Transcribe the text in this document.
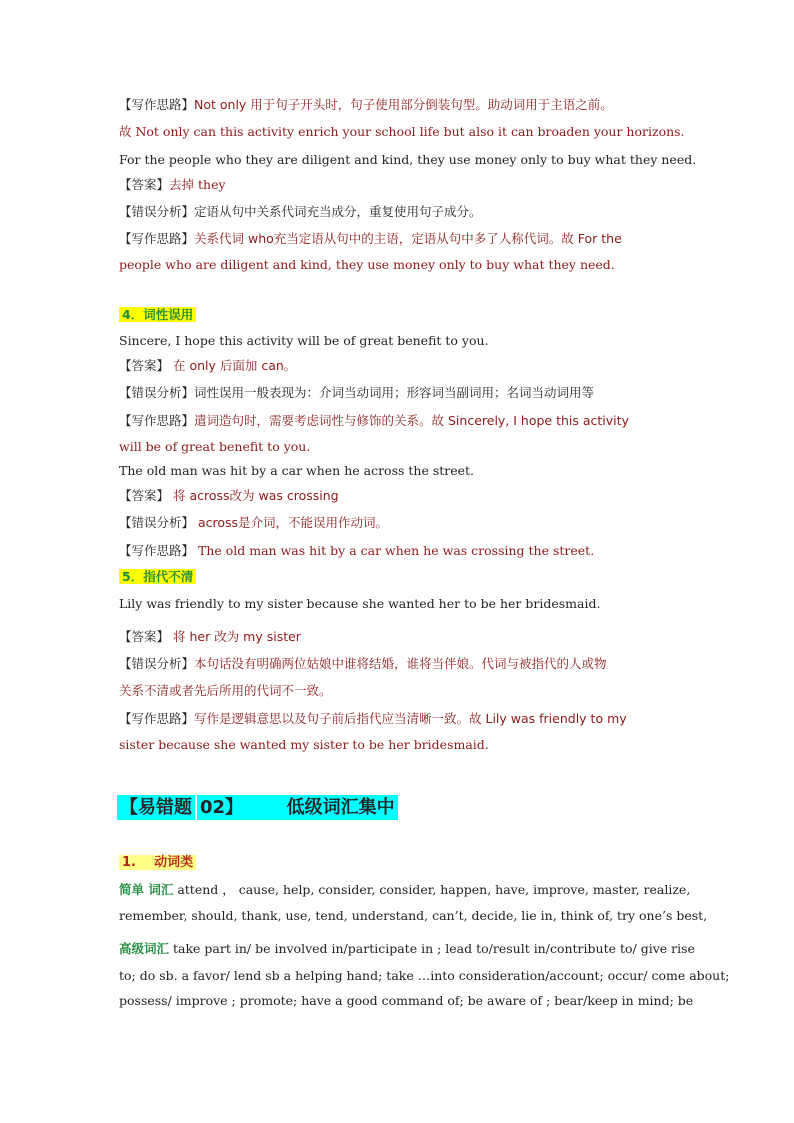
【写作思路】Not only 用于句子开头时，句子使用部分倒装句型。助动词用于主语之前。
故 Not only can this activity enrich your school life but also it can broaden your horizons.
For the people who they are diligent and kind, they use money only to buy what they need.
【答案】去掉 they
【错误分析】定语从句中关系代词充当成分，重复使用句子成分。
【写作思路】关系代词 who充当定语从句中的主语，定语从句中多了人称代词。故 For the
people who are diligent and kind, they use money only to buy what they need.
4．词性误用
Sincere, I hope this activity will be of great benefit to you.
【答案】 在 only 后面加 can。
【错误分析】词性误用一般表现为：介词当动词用；形容词当副词用；名词当动词用等
【写作思路】遣词造句时，需要考虑词性与修饰的关系。故 Sincerely, I hope this activity
will be of great benefit to you.
The old man was hit by a car when he across the street.
【答案】 将 across改为 was crossing
【错误分析】 across是介词，不能误用作动词。
【写作思路】 The old man was hit by a car when he was crossing the street.
5．指代不清
Lily was friendly to my sister because she wanted her to be her bridesmaid.
【答案】 将 her 改为 my sister
【错误分析】本句话没有明确两位姑娘中谁将结婚，谁将当伴娘。代词与被指代的人或物
关系不清或者先后所用的代词不一致。
【写作思路】写作是逻辑意思以及句子前后指代应当清晰一致。故 Lily was friendly to my
sister because she wanted my sister to be her bridesmaid.
【易错题 02】      低级词汇集中
1.    动词类
简单 词汇 attend ， cause, help, consider, consider, happen, have, improve, master, realize,
remember, should, thank, use, tend, understand, can’t, decide, lie in, think of, try one’s best,
高级词汇 take part in/ be involved in/participate in ; lead to/result in/contribute to/ give rise
to; do sb. a favor/ lend sb a helping hand; take …into consideration/account; occur/ come about;
possess/ improve ; promote; have a good command of; be aware of ; bear/keep in mind; be
